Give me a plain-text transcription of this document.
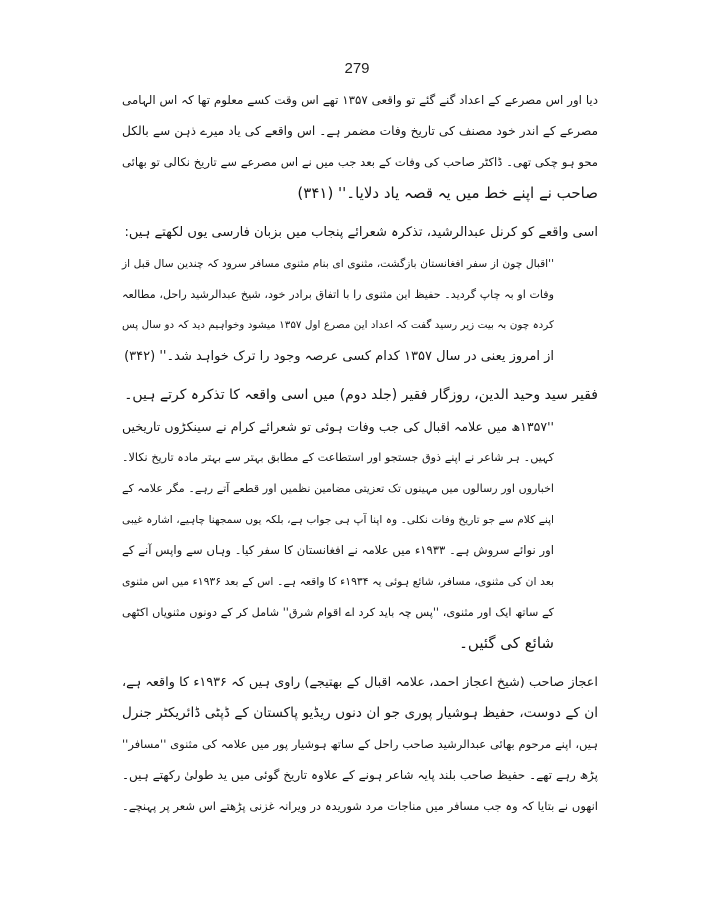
279
دیا اور اس مصرعے کے اعداد گنے گئے تو واقعی ۱۳۵۷ تھے اس وقت کسے معلوم تھا کہ اس الہامی
مصرعے کے اندر خود مصنف کی تاریخ وفات مضمر ہے۔ اس واقعے کی یاد میرے ذہن سے بالکل
محو ہو چکی تھی۔ ڈاکٹر صاحب کی وفات کے بعد جب میں نے اس مصرعے سے تاریخ نکالی تو بھائی
صاحب نے اپنے خط میں یہ قصہ یاد دلایا۔'' (۳۴۱)
اسی واقعے کو کرنل عبدالرشید، تذکرہ شعرائے پنجاب میں بزبان فارسی یوں لکھتے ہیں:
''اقبال چون از سفر افغانستان بازگشت، مثنوی ای بنام مثنوی مسافر سرود کہ چندین سال قبل از
وفات او بہ چاپ گردید۔ حفیظ این مثنوی را با اتفاق برادر خود، شیخ عبدالرشید راحل، مطالعہ
کردہ چون بہ بیت زیر رسید گفت کہ اعداد این مصرع اول ۱۳۵۷ میشود وخواہیم دید کہ دو سال پس
از امروز یعنی در سال ۱۳۵۷ کدام کسی عرصہ وجود را ترک خواہد شد۔'' (۳۴۲)
فقیر سید وحید الدین، روزگار فقیر (جلد دوم) میں اسی واقعہ کا تذکرہ کرتے ہیں۔
''۱۳۵۷ھ میں علامہ اقبال کی جب وفات ہوئی تو شعرائے کرام نے سینکڑوں تاریخیں
کہیں۔ ہر شاعر نے اپنے ذوق جستجو اور استطاعت کے مطابق بہتر سے بہتر مادہ تاریخ نکالا۔
اخباروں اور رسالوں میں مہینوں تک تعزیتی مضامین نظمیں اور قطعے آتے رہے۔ مگر علامہ کے
اپنے کلام سے جو تاریخ وفات نکلی۔ وہ اپنا آپ ہی جواب ہے، بلکہ یوں سمجھنا چاہیے، اشارہ غیبی
اور نوائے سروش ہے۔ ۱۹۳۳ء میں علامہ نے افغانستان کا سفر کیا۔ وہاں سے واپس آنے کے
بعد ان کی مثنوی، مسافر، شائع ہوئی یہ ۱۹۳۴ء کا واقعہ ہے۔ اس کے بعد ۱۹۳۶ء میں اس مثنوی
کے ساتھ ایک اور مثنوی، ''پس چہ باید کرد اے اقوام شرق'' شامل کر کے دونوں مثنویاں اکٹھی
شائع کی گئیں۔
اعجاز صاحب (شیخ اعجاز احمد، علامہ اقبال کے بھتیجے) راوی ہیں کہ ۱۹۳۶ء کا واقعہ ہے،
ان کے دوست، حفیظ ہوشیار پوری جو ان دنوں ریڈیو پاکستان کے ڈپٹی ڈائریکٹر جنرل
ہیں، اپنے مرحوم بھائی عبدالرشید صاحب راحل کے ساتھ ہوشیار پور میں علامہ کی مثنوی ''مسافر''
پڑھ رہے تھے۔ حفیظ صاحب بلند پایہ شاعر ہونے کے علاوہ تاریخ گوئی میں ید طولیٰ رکھتے ہیں۔
انھوں نے بتایا کہ وہ جب مسافر میں مناجات مرد شوریدہ در ویرانہ غزنی پڑھتے اس شعر پر پہنچے۔
